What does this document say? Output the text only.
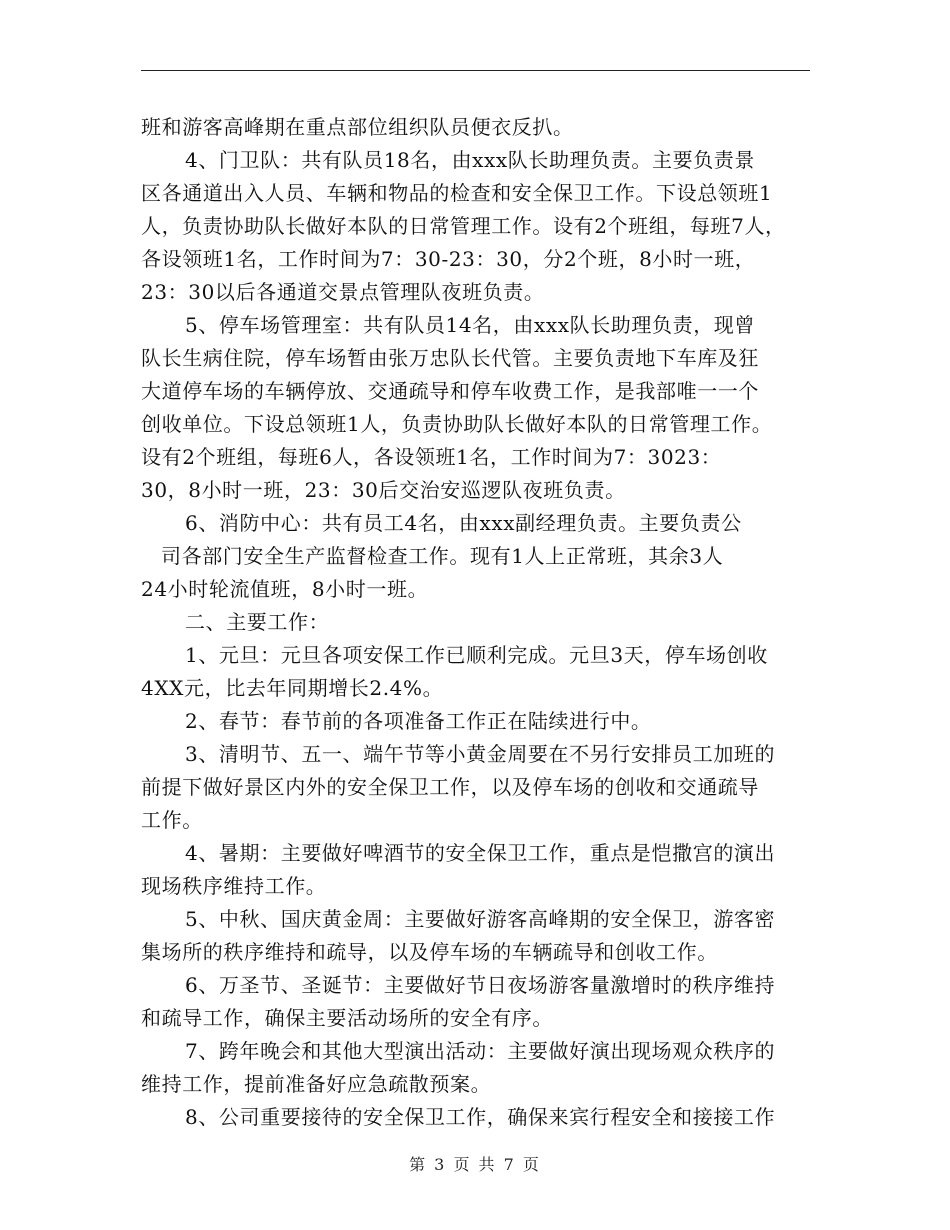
班和游客高峰期在重点部位组织队员便衣反扒。
4、门卫队：共有队员18名，由xxx队长助理负责。主要负责景
区各通道出入人员、车辆和物品的检查和安全保卫工作。下设总领班1
人，负责协助队长做好本队的日常管理工作。设有2个班组，每班7人，
各设领班1名，工作时间为7：30-23：30，分2个班，8小时一班，
23：30以后各通道交景点管理队夜班负责。
5、停车场管理室：共有队员14名，由xxx队长助理负责，现曾
队长生病住院，停车场暂由张万忠队长代管。主要负责地下车库及狂
大道停车场的车辆停放、交通疏导和停车收费工作，是我部唯一一个
创收单位。下设总领班1人，负责协助队长做好本队的日常管理工作。
设有2个班组，每班6人，各设领班1名，工作时间为7：3023：
30，8小时一班，23：30后交治安巡逻队夜班负责。
6、消防中心：共有员工4名，由xxx副经理负责。主要负责公
司各部门安全生产监督检查工作。现有1人上正常班，其余3人
24小时轮流值班，8小时一班。
二、主要工作：
1、元旦：元旦各项安保工作已顺利完成。元旦3天，停车场创收
4XX元，比去年同期增长2.4%。
2、春节：春节前的各项准备工作正在陆续进行中。
3、清明节、五一、端午节等小黄金周要在不另行安排员工加班的
前提下做好景区内外的安全保卫工作，以及停车场的创收和交通疏导
工作。
4、暑期：主要做好啤酒节的安全保卫工作，重点是恺撒宫的演出
现场秩序维持工作。
5、中秋、国庆黄金周：主要做好游客高峰期的安全保卫，游客密
集场所的秩序维持和疏导，以及停车场的车辆疏导和创收工作。
6、万圣节、圣诞节：主要做好节日夜场游客量激增时的秩序维持
和疏导工作，确保主要活动场所的安全有序。
7、跨年晚会和其他大型演出活动：主要做好演出现场观众秩序的
维持工作，提前准备好应急疏散预案。
8、公司重要接待的安全保卫工作，确保来宾行程安全和接接工作
第 3 页 共 7 页
